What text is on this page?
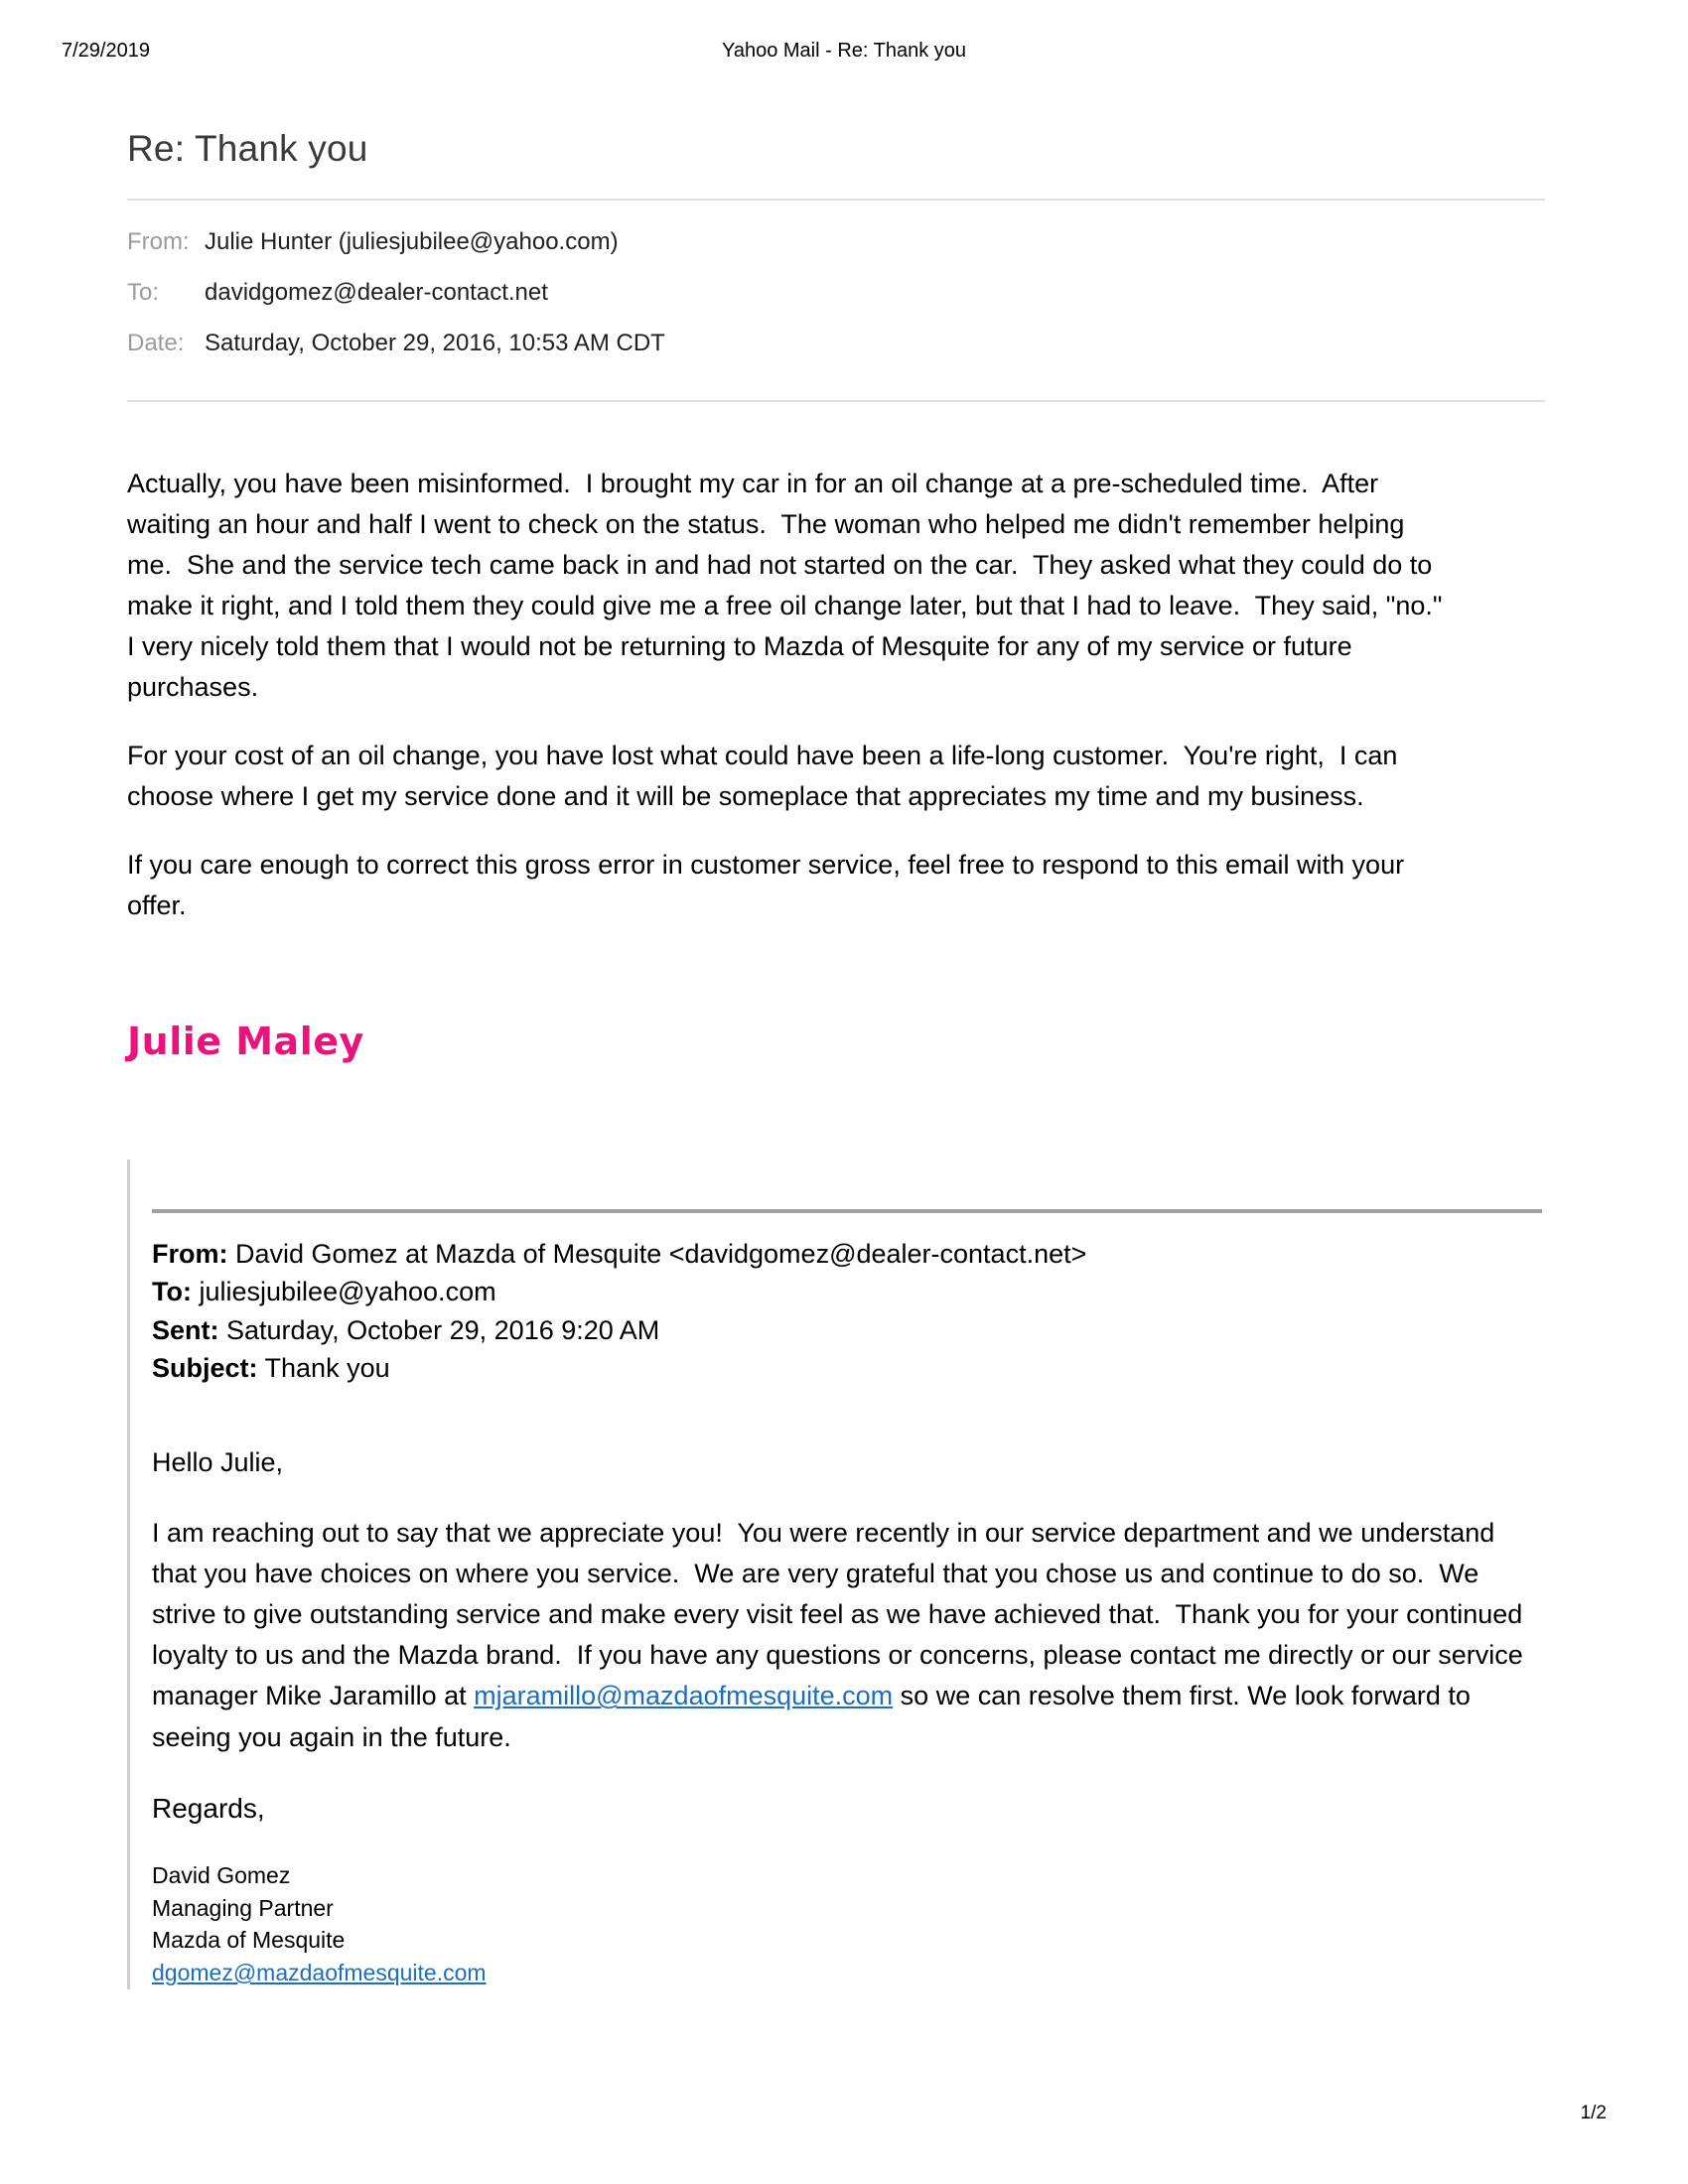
7/29/2019	Yahoo Mail - Re: Thank you
Re: Thank you
From: Julie Hunter (juliesjubilee@yahoo.com)
To:	davidgomez@dealer-contact.net
Date: Saturday, October 29, 2016, 10:53 AM CDT

Actually, you have been misinformed.  I brought my car in for an oil change at a pre-scheduled time.  After waiting an hour and half I went to check on the status.  The woman who helped me didn't remember helping me.  She and the service tech came back in and had not started on the car.  They asked what they could do to make it right, and I told them they could give me a free oil change later, but that I had to leave.  They said, "no."  I very nicely told them that I would not be returning to Mazda of Mesquite for any of my service or future purchases.

For your cost of an oil change, you have lost what could have been a life-long customer.  You're right,  I can choose where I get my service done and it will be someplace that appreciates my time and my business.

If you care enough to correct this gross error in customer service, feel free to respond to this email with your offer.

Julie Maley
From: David Gomez at Mazda of Mesquite <davidgomez@dealer-contact.net>
To: juliesjubilee@yahoo.com
Sent: Saturday, October 29, 2016 9:20 AM
Subject: Thank you

Hello Julie,

I am reaching out to say that we appreciate you!  You were recently in our service department and we understand that you have choices on where you service.  We are very grateful that you chose us and continue to do so.  We strive to give outstanding service and make every visit feel as we have achieved that.  Thank you for your continued loyalty to us and the Mazda brand.  If you have any questions or concerns, please contact me directly or our service manager Mike Jaramillo at mjaramillo@mazdaofmesquite.com so we can resolve them first. We look forward to seeing you again in the future.

Regards,

David Gomez
Managing Partner
Mazda of Mesquite
dgomez@mazdaofmesquite.com
1/2
